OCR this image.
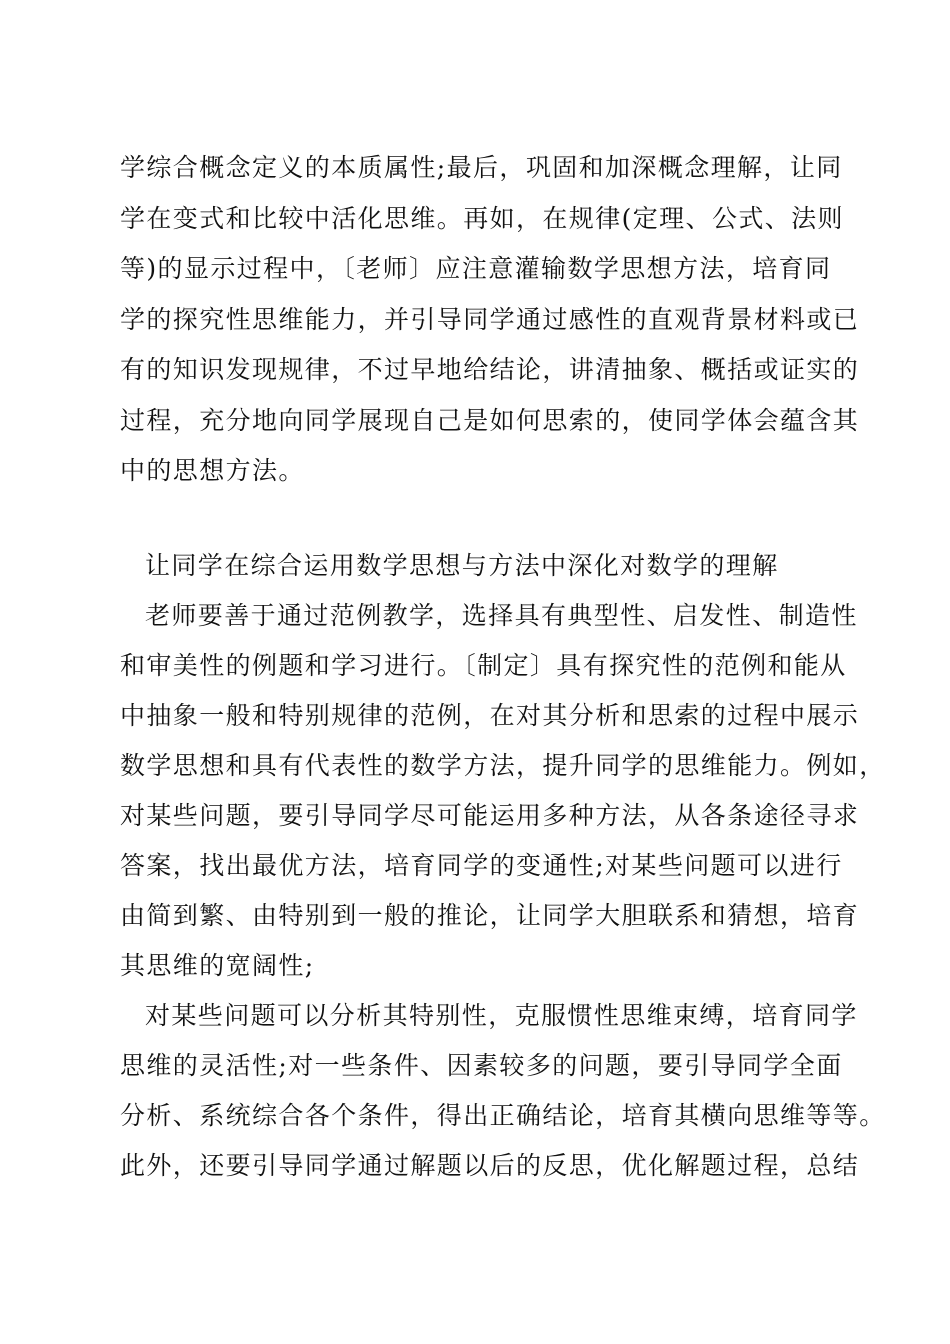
学综合概念定义的本质属性;最后，巩固和加深概念理解，让同

学在变式和比较中活化思维。再如，在规律(定理、公式、法则

等)的显示过程中，〔老师〕应注意灌输数学思想方法，培育同

学的探究性思维能力，并引导同学通过感性的直观背景材料或已

有的知识发现规律，不过早地给结论，讲清抽象、概括或证实的

过程，充分地向同学展现自己是如何思索的，使同学体会蕴含其

中的思想方法。

让同学在综合运用数学思想与方法中深化对数学的理解

老师要善于通过范例教学，选择具有典型性、启发性、制造性

和审美性的例题和学习进行。〔制定〕具有探究性的范例和能从

中抽象一般和特别规律的范例，在对其分析和思索的过程中展示

数学思想和具有代表性的数学方法，提升同学的思维能力。例如，

对某些问题，要引导同学尽可能运用多种方法，从各条途径寻求

答案，找出最优方法，培育同学的变通性;对某些问题可以进行

由简到繁、由特别到一般的推论，让同学大胆联系和猜想，培育

其思维的宽阔性;

对某些问题可以分析其特别性，克服惯性思维束缚，培育同学

思维的灵活性;对一些条件、因素较多的问题，要引导同学全面

分析、系统综合各个条件，得出正确结论，培育其横向思维等等。

此外，还要引导同学通过解题以后的反思，优化解题过程，总结
